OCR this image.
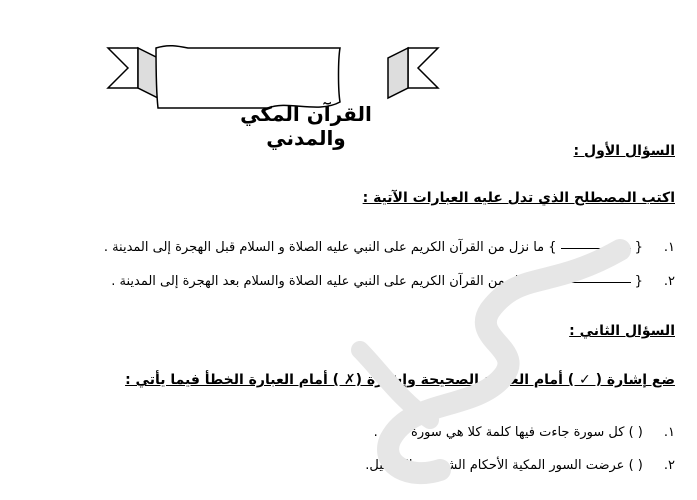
القرآن المكي والمدني
السؤال الأول :
اكتب المصطلح الذي تدل عليه العبارات الآتية :
١. {} ما نزل من القرآن الكريم على النبي عليه الصلاة و السلام قبل الهجرة إلى المدينة .
٢. {} ما نزل من القرآن الكريم على النبي عليه الصلاة والسلام بعد الهجرة إلى المدينة .
السؤال الثاني :
ضع إشارة ( ✓ ) أمام العبارة الصحيحة وإشارة (✗ ) أمام العبارة الخطأ فيما يأتي :
١. ( ) كل سورة جاءت فيها كلمة كلا هي سورة مكية .
٢. ( ) عرضت السور المكية الأحكام الشرعية بالتفصيل.
